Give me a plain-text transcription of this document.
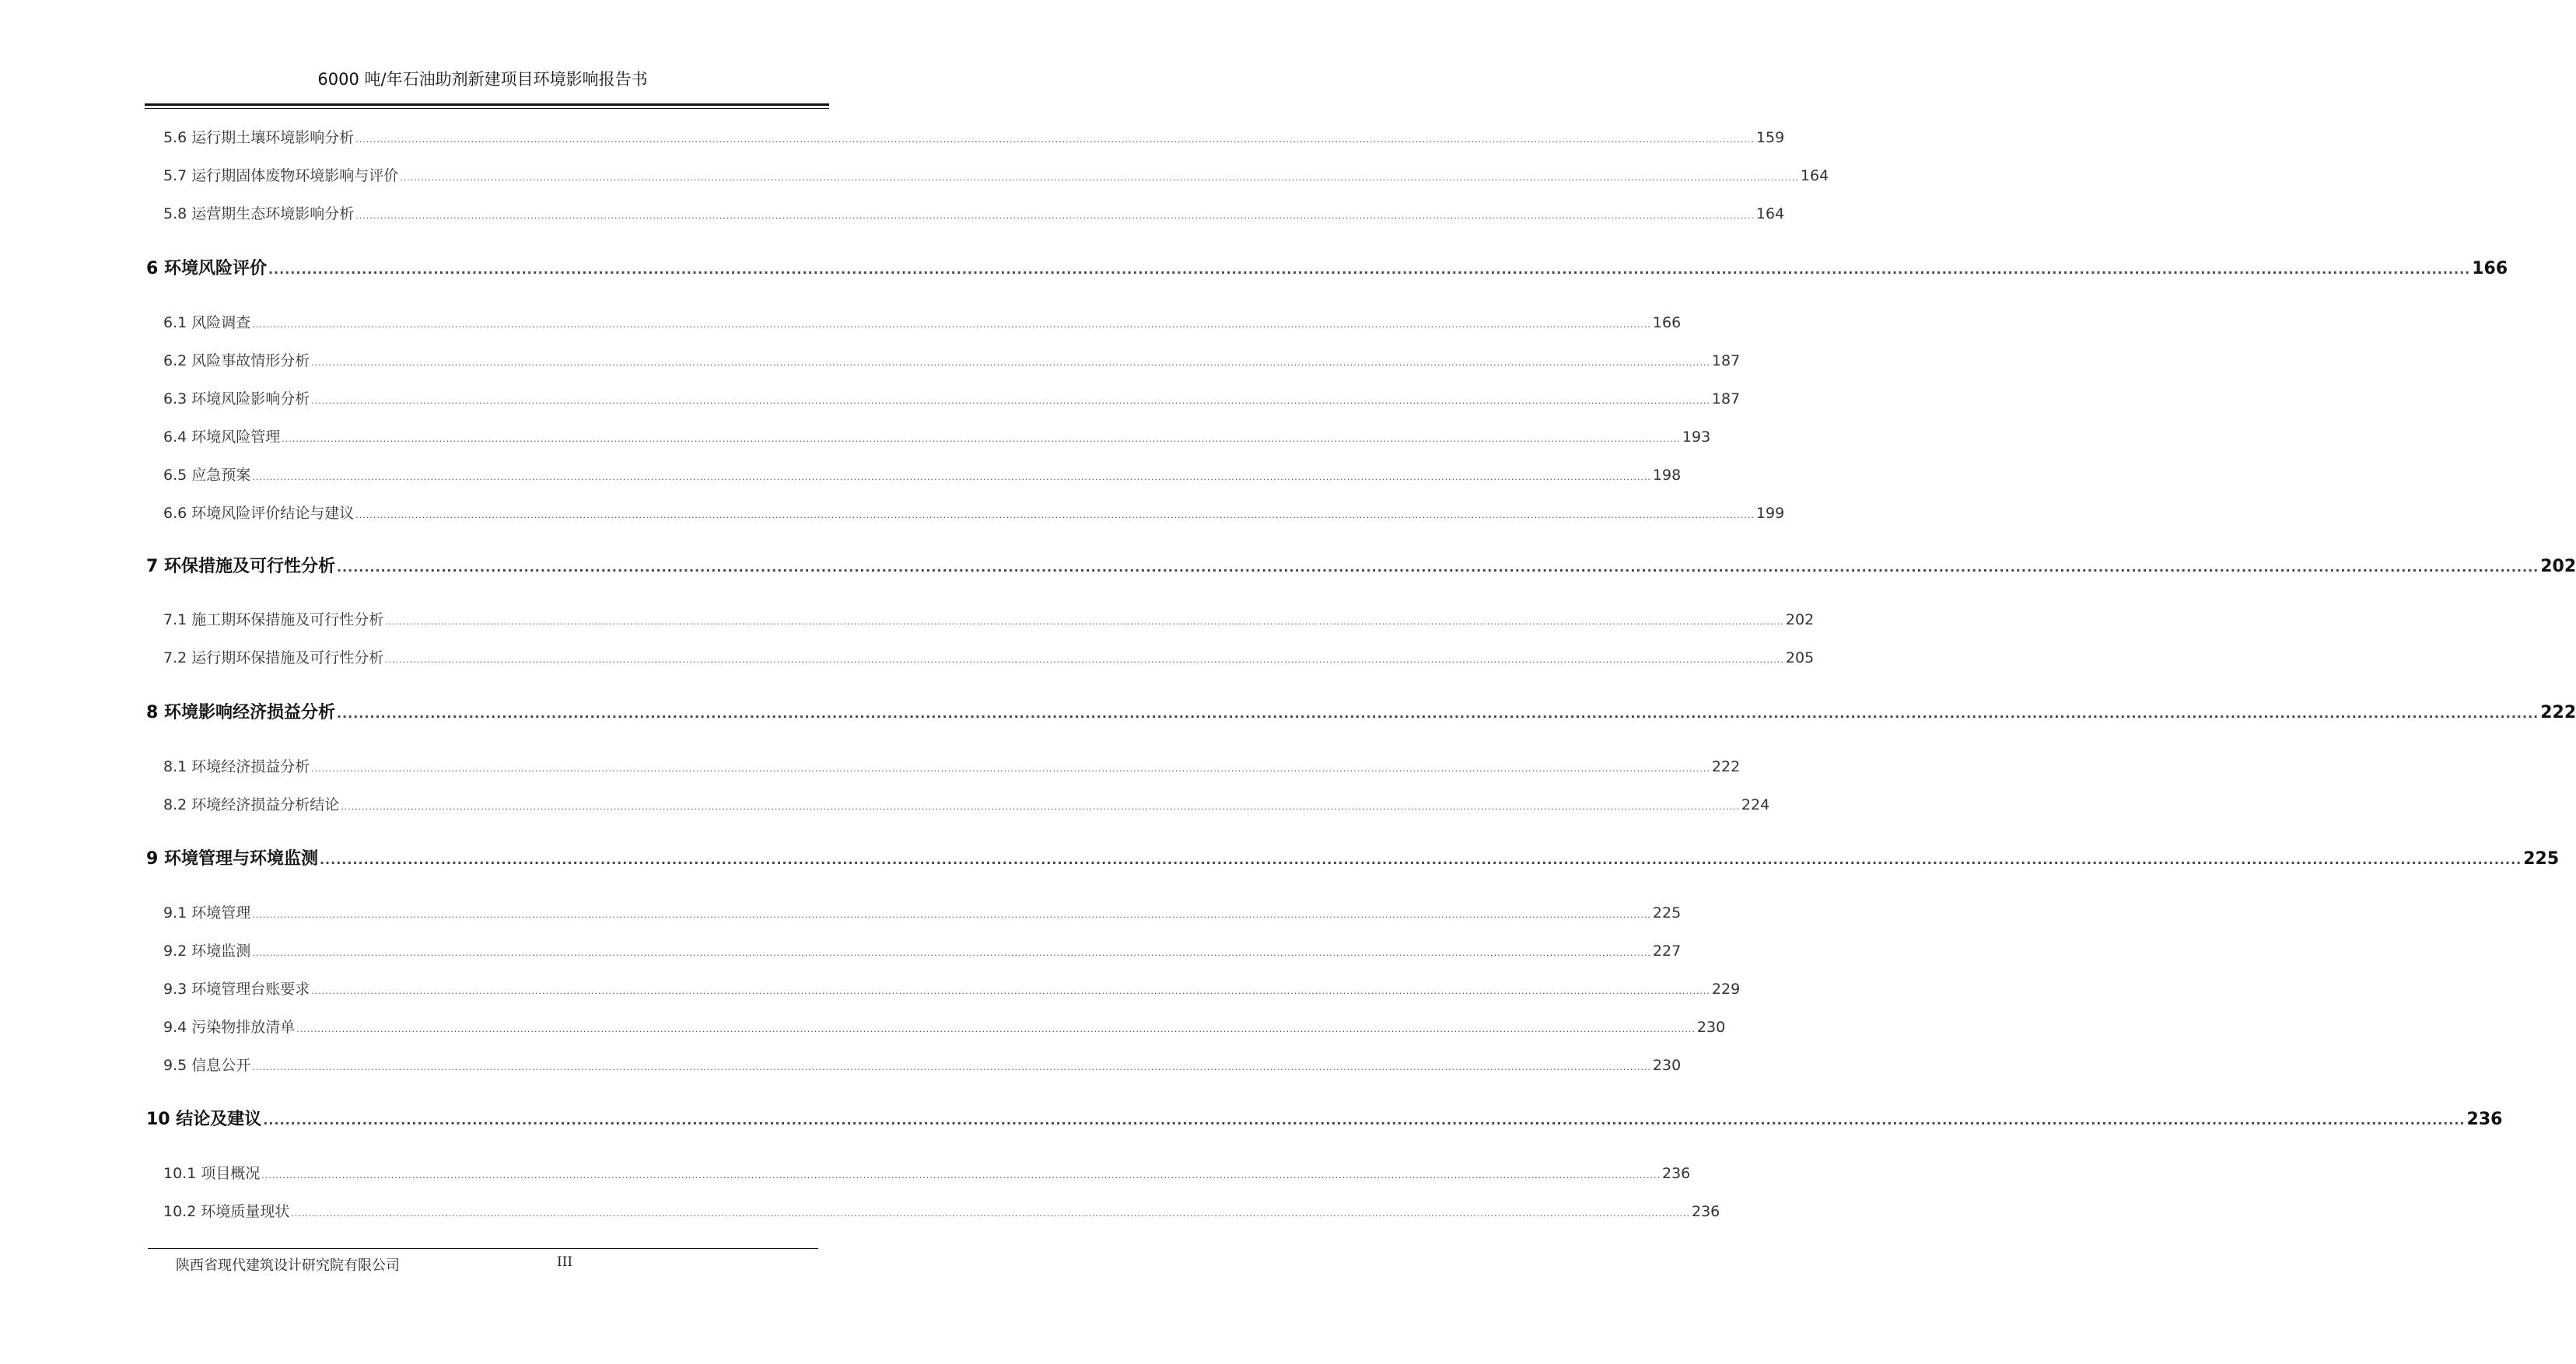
6000 吨/年石油助剂新建项目环境影响报告书
5.6 运行期土壤环境影响分析 ................................................................................................................................................................................................................................................................................................................................................................................................................ 159
5.7 运行期固体废物环境影响与评价 ................................................................................................................................................................................................................................................................................................................................................................................................................ 164
5.8 运营期生态环境影响分析 ................................................................................................................................................................................................................................................................................................................................................................................................................ 164
6 环境风险评价 ................................................................................................................................................................................................................................................................................................................................................................................................................ 166
6.1 风险调查 ................................................................................................................................................................................................................................................................................................................................................................................................................ 166
6.2 风险事故情形分析 ................................................................................................................................................................................................................................................................................................................................................................................................................ 187
6.3 环境风险影响分析 ................................................................................................................................................................................................................................................................................................................................................................................................................ 187
6.4 环境风险管理 ................................................................................................................................................................................................................................................................................................................................................................................................................ 193
6.5 应急预案 ................................................................................................................................................................................................................................................................................................................................................................................................................ 198
6.6 环境风险评价结论与建议 ................................................................................................................................................................................................................................................................................................................................................................................................................ 199
7 环保措施及可行性分析 ................................................................................................................................................................................................................................................................................................................................................................................................................ 202
7.1 施工期环保措施及可行性分析 ................................................................................................................................................................................................................................................................................................................................................................................................................ 202
7.2 运行期环保措施及可行性分析 ................................................................................................................................................................................................................................................................................................................................................................................................................ 205
8 环境影响经济损益分析 ................................................................................................................................................................................................................................................................................................................................................................................................................ 222
8.1 环境经济损益分析 ................................................................................................................................................................................................................................................................................................................................................................................................................ 222
8.2 环境经济损益分析结论 ................................................................................................................................................................................................................................................................................................................................................................................................................ 224
9 环境管理与环境监测 ................................................................................................................................................................................................................................................................................................................................................................................................................ 225
9.1 环境管理 ................................................................................................................................................................................................................................................................................................................................................................................................................ 225
9.2 环境监测 ................................................................................................................................................................................................................................................................................................................................................................................................................ 227
9.3 环境管理台账要求 ................................................................................................................................................................................................................................................................................................................................................................................................................ 229
9.4 污染物排放清单 ................................................................................................................................................................................................................................................................................................................................................................................................................ 230
9.5 信息公开 ................................................................................................................................................................................................................................................................................................................................................................................................................ 230
10 结论及建议 ................................................................................................................................................................................................................................................................................................................................................................................................................ 236
10.1 项目概况 ................................................................................................................................................................................................................................................................................................................................................................................................................ 236
10.2 环境质量现状 ................................................................................................................................................................................................................................................................................................................................................................................................................ 236
陕西省现代建筑设计研究院有限公司	III
